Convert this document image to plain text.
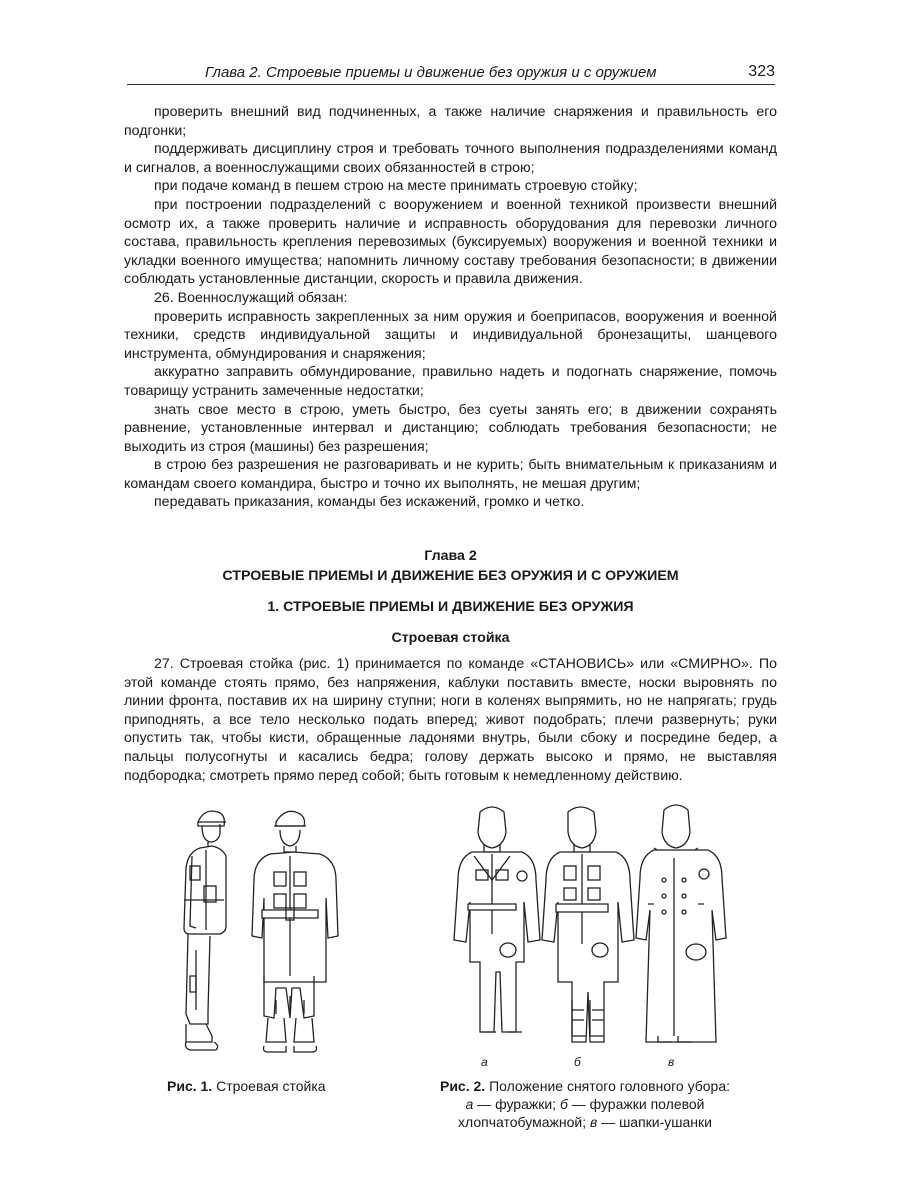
Глава 2. Строевые приемы и движение без оружия и с оружием	323

проверить внешний вид подчиненных, а также наличие снаряжения и правильность его подгонки;

поддерживать дисциплину строя и требовать точного выполнения подразделениями команд и сигналов, а военнослужащими своих обязанностей в строю;

при подаче команд в пешем строю на месте принимать строевую стойку;

при построении подразделений с вооружением и военной техникой произвести внешний осмотр их, а также проверить наличие и исправность оборудования для перевозки личного состава, правильность крепления перевозимых (буксируемых) вооружения и военной техники и укладки военного имущества; напомнить личному составу требования безопасности; в движении соблюдать установленные дистанции, скорость и правила движения.

26. Военнослужащий обязан:

проверить исправность закрепленных за ним оружия и боеприпасов, вооружения и военной техники, средств индивидуальной защиты и индивидуальной бронезащиты, шанцевого инструмента, обмундирования и снаряжения;

аккуратно заправить обмундирование, правильно надеть и подогнать снаряжение, помочь товарищу устранить замеченные недостатки;

знать свое место в строю, уметь быстро, без суеты занять его; в движении сохранять равнение, установленные интервал и дистанцию; соблюдать требования безопасности; не выходить из строя (машины) без разрешения;

в строю без разрешения не разговаривать и не курить; быть внимательным к приказаниям и командам своего командира, быстро и точно их выполнять, не мешая другим;

передавать приказания, команды без искажений, громко и четко.

Глава 2
СТРОЕВЫЕ ПРИЕМЫ И ДВИЖЕНИЕ БЕЗ ОРУЖИЯ И С ОРУЖИЕМ
1. СТРОЕВЫЕ ПРИЕМЫ И ДВИЖЕНИЕ БЕЗ ОРУЖИЯ
Строевая стойка

27. Строевая стойка (рис. 1) принимается по команде «СТАНОВИСЬ» или «СМИРНО». По этой команде стоять прямо, без напряжения, каблуки поставить вместе, носки выровнять по линии фронта, поставив их на ширину ступни; ноги в коленях выпрямить, но не напрягать; грудь приподнять, а все тело несколько подать вперед; живот подобрать; плечи развернуть; руки опустить так, чтобы кисти, обращенные ладонями внутрь, были сбоку и посредине бедер, а пальцы полусогнуты и касались бедра; голову держать высоко и прямо, не выставляя подбородка; смотреть прямо перед собой; быть готовым к немедленному действию.

а	б	в
Рис. 1. Строевая стойка	Рис. 2. Положение снятого головного убора:
а — фуражки; б — фуражки полевой
хлопчатобумажной; в — шапки-ушанки
